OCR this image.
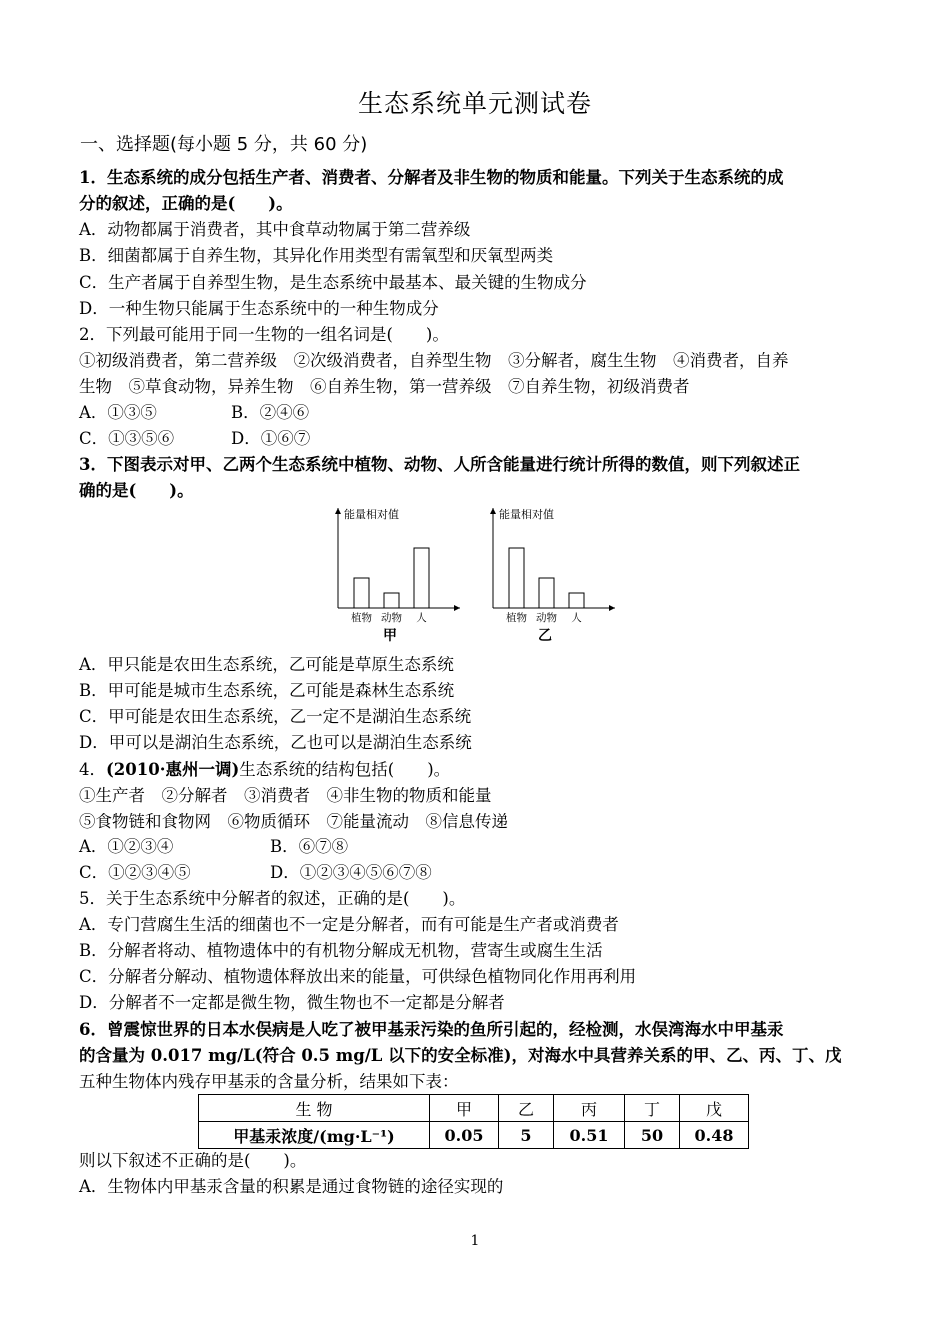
生态系统单元测试卷
一、选择题(每小题 5 分，共 60 分)
1．生态系统的成分包括生产者、消费者、分解者及非生物的物质和能量。下列关于生态系统的成
分的叙述，正确的是(　　)。
A．动物都属于消费者，其中食草动物属于第二营养级
B．细菌都属于自养生物，其异化作用类型有需氧型和厌氧型两类
C．生产者属于自养型生物，是生态系统中最基本、最关键的生物成分
D．一种生物只能属于生态系统中的一种生物成分
2．下列最可能用于同一生物的一组名词是(　　)。
①初级消费者，第二营养级　②次级消费者，自养型生物　③分解者，腐生生物　④消费者，自养
生物　⑤草食动物，异养生物　⑥自养生物，第一营养级　⑦自养生物，初级消费者
A．①③⑤	B．②④⑥
C．①③⑤⑥	D．①⑥⑦
3．下图表示对甲、乙两个生态系统中植物、动物、人所含能量进行统计所得的数值，则下列叙述正
确的是(　　)。
能量相对值
植物 动物 人
甲
能量相对值
植物 动物 人
乙
A．甲只能是农田生态系统，乙可能是草原生态系统
B．甲可能是城市生态系统，乙可能是森林生态系统
C．甲可能是农田生态系统，乙一定不是湖泊生态系统
D．甲可以是湖泊生态系统，乙也可以是湖泊生态系统
4．(2010·惠州一调)生态系统的结构包括(　　)。
①生产者　②分解者　③消费者　④非生物的物质和能量
⑤食物链和食物网　⑥物质循环　⑦能量流动　⑧信息传递
A．①②③④	B．⑥⑦⑧
C．①②③④⑤	D．①②③④⑤⑥⑦⑧
5．关于生态系统中分解者的叙述，正确的是(　　)。
A．专门营腐生生活的细菌也不一定是分解者，而有可能是生产者或消费者
B．分解者将动、植物遗体中的有机物分解成无机物，营寄生或腐生生活
C．分解者分解动、植物遗体释放出来的能量，可供绿色植物同化作用再利用
D．分解者不一定都是微生物，微生物也不一定都是分解者
6．曾震惊世界的日本水俣病是人吃了被甲基汞污染的鱼所引起的，经检测，水俣湾海水中甲基汞
的含量为 0.017 mg/L(符合 0.5 mg/L 以下的安全标准)，对海水中具营养关系的甲、乙、丙、丁、戊
五种生物体内残存甲基汞的含量分析，结果如下表：
生 物	甲	乙	丙	丁	戊
甲基汞浓度/(mg·L⁻¹)	0.05	5	0.51	50	0.48
则以下叙述不正确的是(　　)。
A．生物体内甲基汞含量的积累是通过食物链的途径实现的
1
